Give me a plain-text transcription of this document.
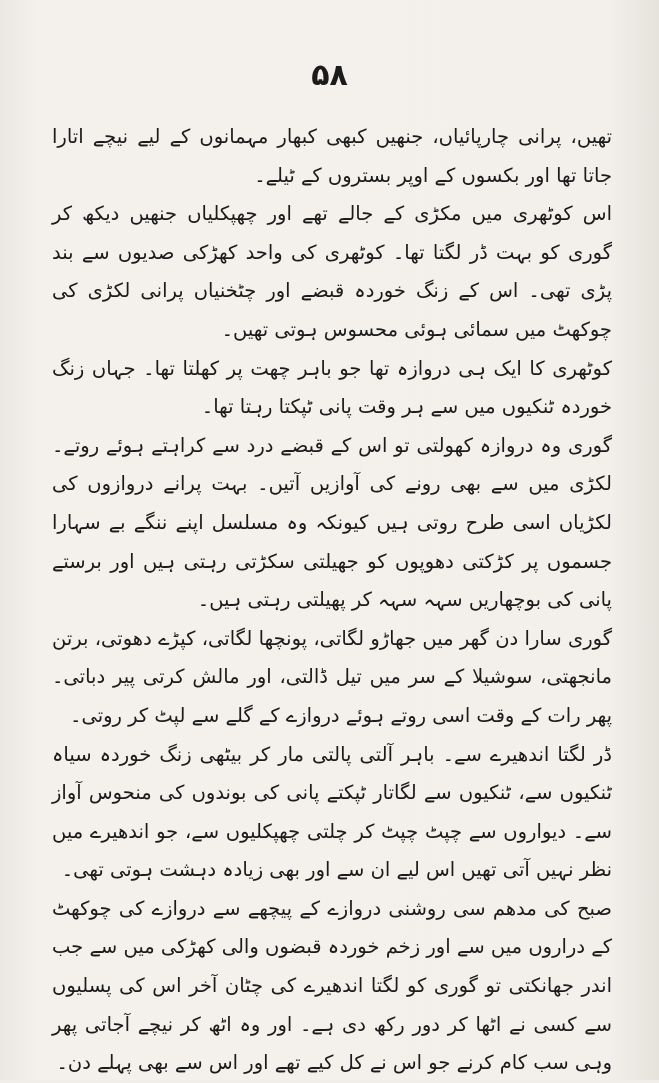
۵۸

تھیں، پرانی چارپائیاں، جنھیں کبھی کبھار مہمانوں کے لیے نیچے اتارا جاتا تھا اور بکسوں کے اوپر بستروں کے ٹیلے۔

اس کوٹھری میں مکڑی کے جالے تھے اور چھپکلیاں جنھیں دیکھ کر گوری کو بہت ڈر لگتا تھا۔ کوٹھری کی واحد کھڑکی صدیوں سے بند پڑی تھی۔ اس کے زنگ خوردہ قبضے اور چٹخنیاں پرانی لکڑی کی چوکھٹ میں سمائی ہوئی محسوس ہوتی تھیں۔

کوٹھری کا ایک ہی دروازہ تھا جو باہر چھت پر کھلتا تھا۔ جہاں زنگ خوردہ ٹنکیوں میں سے ہر وقت پانی ٹپکتا رہتا تھا۔

گوری وہ دروازہ کھولتی تو اس کے قبضے درد سے کراہتے ہوئے روتے۔ لکڑی میں سے بھی رونے کی آوازیں آتیں۔ بہت پرانے دروازوں کی لکڑیاں اسی طرح روتی ہیں کیونکہ وہ مسلسل اپنے ننگے بے سہارا جسموں پر کڑکتی دھوپوں کو جھیلتی سکڑتی رہتی ہیں اور برستے پانی کی بوچھاریں سہہ سہہ کر پھیلتی رہتی ہیں۔

گوری سارا دن گھر میں جھاڑو لگاتی، پونچھا لگاتی، کپڑے دھوتی، برتن مانجھتی، سوشیلا کے سر میں تیل ڈالتی، اور مالش کرتی پیر دباتی۔ پھر رات کے وقت اسی روتے ہوئے دروازے کے گلے سے لپٹ کر روتی۔

ڈر لگتا اندھیرے سے۔ باہر آلتی پالتی مار کر بیٹھی زنگ خوردہ سیاہ ٹنکیوں سے، ٹنکیوں سے لگاتار ٹپکتے پانی کی بوندوں کی منحوس آواز سے۔ دیواروں سے چپٹ چپٹ کر چلتی چھپکلیوں سے، جو اندھیرے میں نظر نہیں آتی تھیں اس لیے ان سے اور بھی زیادہ دہشت ہوتی تھی۔

صبح کی مدھم سی روشنی دروازے کے پیچھے سے دروازے کی چوکھٹ کے دراروں میں سے اور زخم خوردہ قبضوں والی کھڑکی میں سے جب اندر جھانکتی تو گوری کو لگتا اندھیرے کی چٹان آخر اس کی پسلیوں سے کسی نے اٹھا کر دور رکھ دی ہے۔ اور وہ اٹھ کر نیچے آجاتی پھر وہی سب کام کرنے جو اس نے کل کیے تھے اور اس سے بھی پہلے دن۔
